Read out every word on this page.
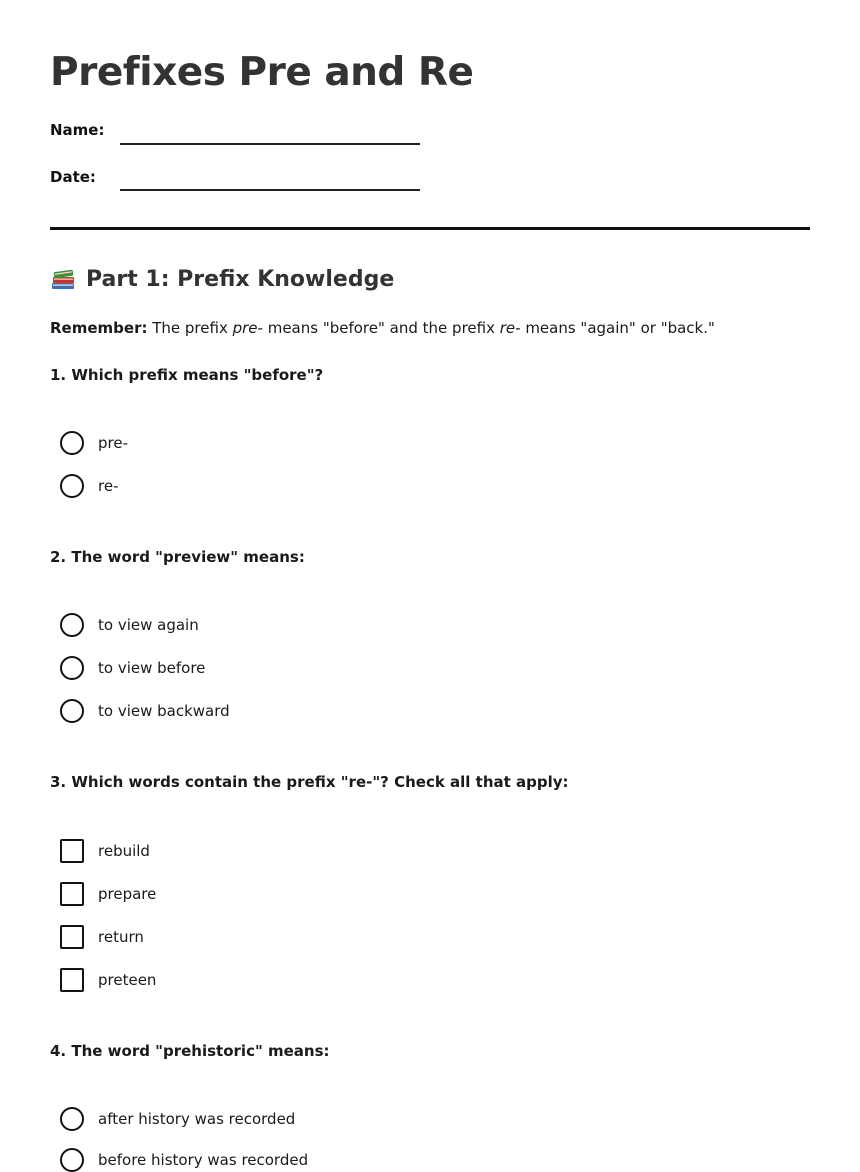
Prefixes Pre and Re
Name:
Date:
Part 1: Prefix Knowledge
Remember: The prefix pre- means "before" and the prefix re- means "again" or "back."
1. Which prefix means "before"?
pre-
re-
2. The word "preview" means:
to view again
to view before
to view backward
3. Which words contain the prefix "re-"? Check all that apply:
rebuild
prepare
return
preteen
4. The word "prehistoric" means:
after history was recorded
before history was recorded
